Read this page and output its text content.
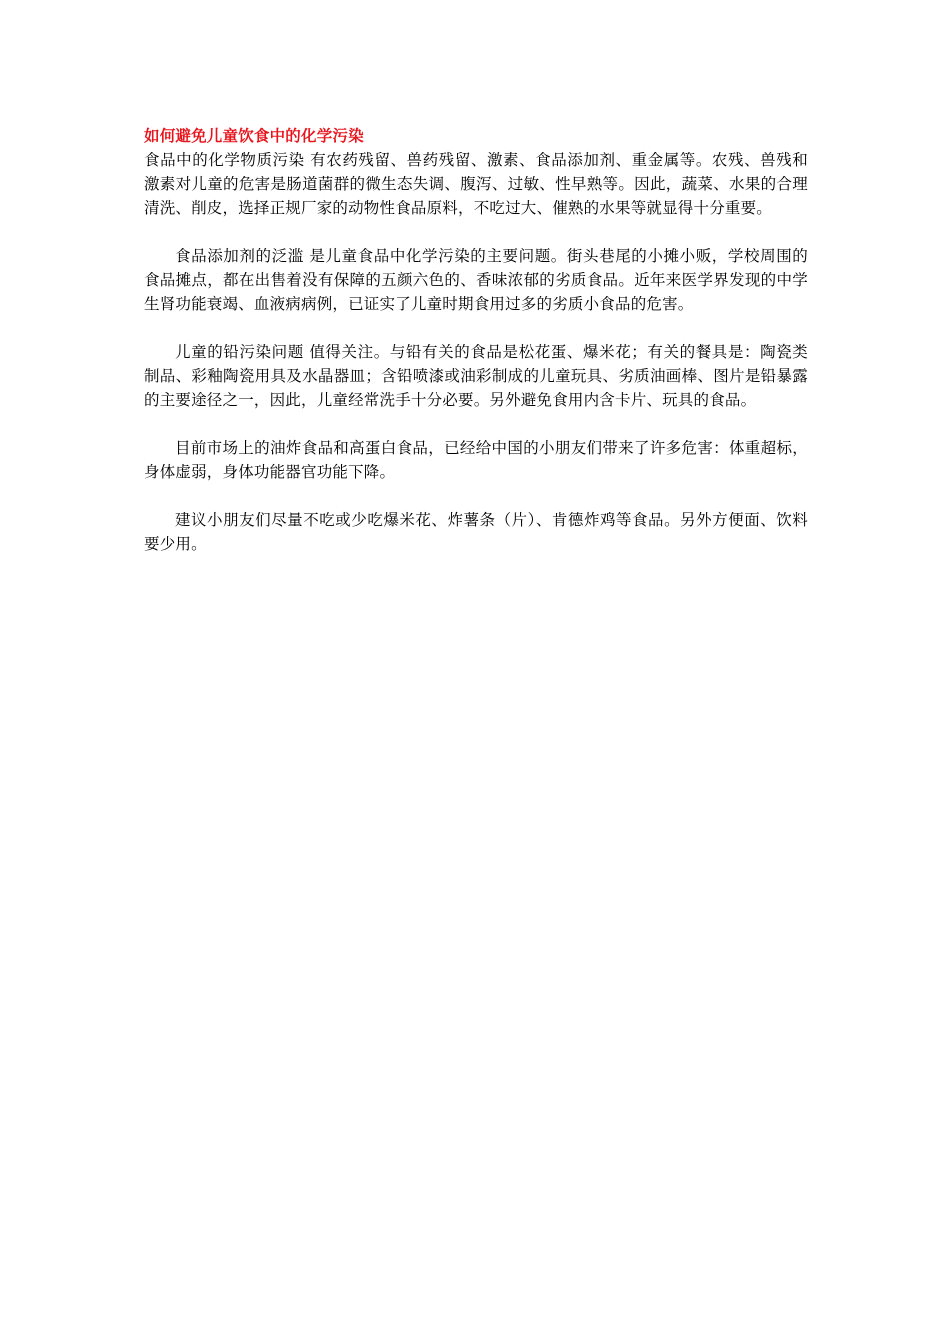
如何避免儿童饮食中的化学污染

食品中的化学物质污染 有农药残留、兽药残留、激素、食品添加剂、重金属等。农残、兽残和激素对儿童的危害是肠道菌群的微生态失调、腹泻、过敏、性早熟等。因此，蔬菜、水果的合理清洗、削皮，选择正规厂家的动物性食品原料，不吃过大、催熟的水果等就显得十分重要。

食品添加剂的泛滥 是儿童食品中化学污染的主要问题。街头巷尾的小摊小贩，学校周围的食品摊点，都在出售着没有保障的五颜六色的、香味浓郁的劣质食品。近年来医学界发现的中学生肾功能衰竭、血液病病例，已证实了儿童时期食用过多的劣质小食品的危害。

儿童的铅污染问题 值得关注。与铅有关的食品是松花蛋、爆米花；有关的餐具是：陶瓷类制品、彩釉陶瓷用具及水晶器皿；含铅喷漆或油彩制成的儿童玩具、劣质油画棒、图片是铅暴露的主要途径之一，因此，儿童经常洗手十分必要。另外避免食用内含卡片、玩具的食品。

目前市场上的油炸食品和高蛋白食品，已经给中国的小朋友们带来了许多危害：体重超标，身体虚弱，身体功能器官功能下降。

建议小朋友们尽量不吃或少吃爆米花、炸薯条（片）、肯德炸鸡等食品。另外方便面、饮料要少用。
